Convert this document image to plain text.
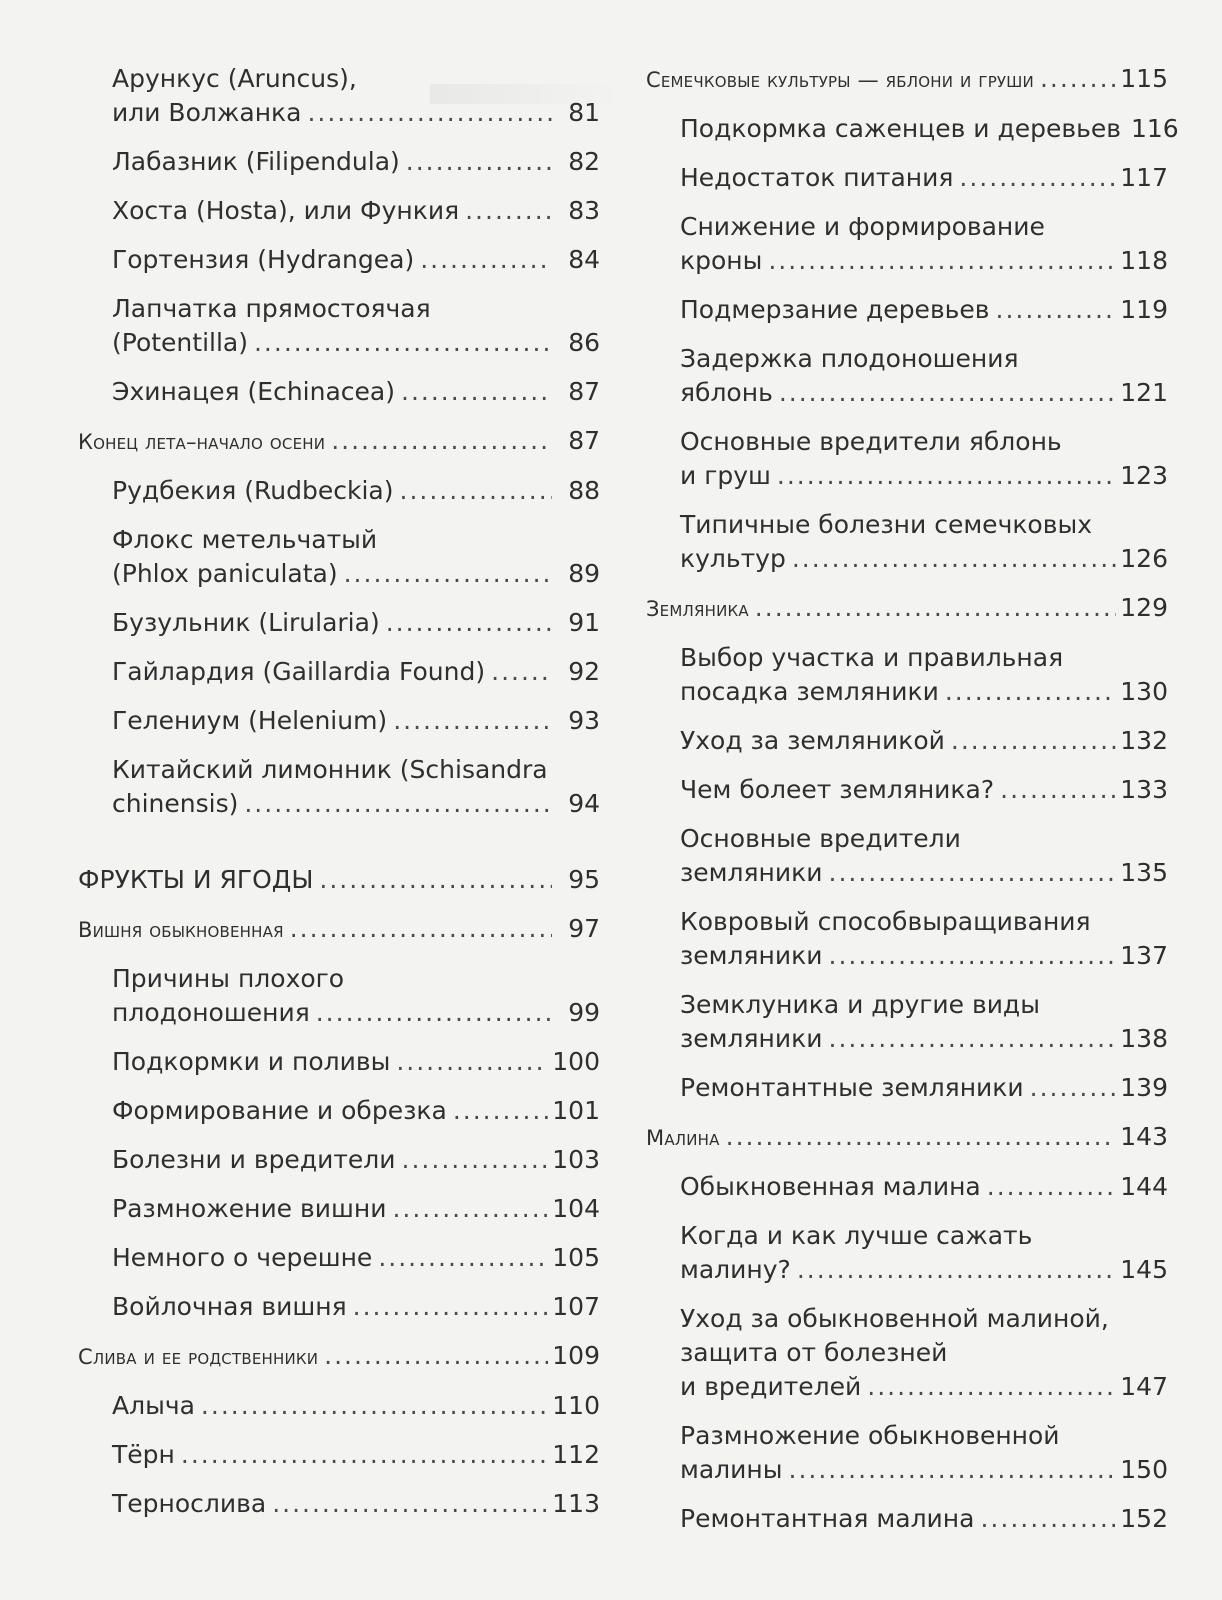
Арункус (Aruncus),
или Волжанка .....	81
Лабазник (Filipendula) .....	82
Хоста (Hosta), или Функия .....	83
Гортензия (Hydrangea) .....	84
Лапчатка прямостоячая
(Potentilla) .....	86
Эхинацея (Echinacea) .....	87
Конец лета–начало осени .....	87
Рудбекия (Rudbeckia) .....	88
Флокс метельчатый
(Phlox paniculata) .....	89
Бузульник (Lirularia) .....	91
Гайлардия (Gaillardia Found) .....	92
Гелениум (Helenium) .....	93
Китайский лимонник (Schisandra
chinensis) .....	94
ФРУКТЫ И ЯГОДЫ .....	95
Вишня обыкновенная .....	97
Причины плохого
плодоношения .....	99
Подкормки и поливы .....	100
Формирование и обрезка .....	101
Болезни и вредители .....	103
Размножение вишни .....	104
Немного о черешне .....	105
Войлочная вишня .....	107
Слива и ее родственники .....	109
Алыча .....	110
Тёрн .....	112
Тернослива .....	113
Семечковые культуры — яблони и груши .....	115
Подкормка саженцев и деревьев 116
Недостаток питания .....	117
Снижение и формирование
кроны .....	118
Подмерзание деревьев .....	119
Задержка плодоношения
яблонь .....	121
Основные вредители яблонь
и груш .....	123
Типичные болезни семечковых
культур .....	126
Земляника .....	129
Выбор участка и правильная
посадка земляники .....	130
Уход за земляникой .....	132
Чем болеет земляника? .....	133
Основные вредители
земляники .....	135
Ковровый способвыращивания
земляники .....	137
Земклуника и другие виды
земляники .....	138
Ремонтантные земляники .....	139
Малина .....	143
Обыкновенная малина .....	144
Когда и как лучше сажать
малину? .....	145
Уход за обыкновенной малиной,
защита от болезней
и вредителей .....	147
Размножение обыкновенной
малины .....	150
Ремонтантная малина .....	152
